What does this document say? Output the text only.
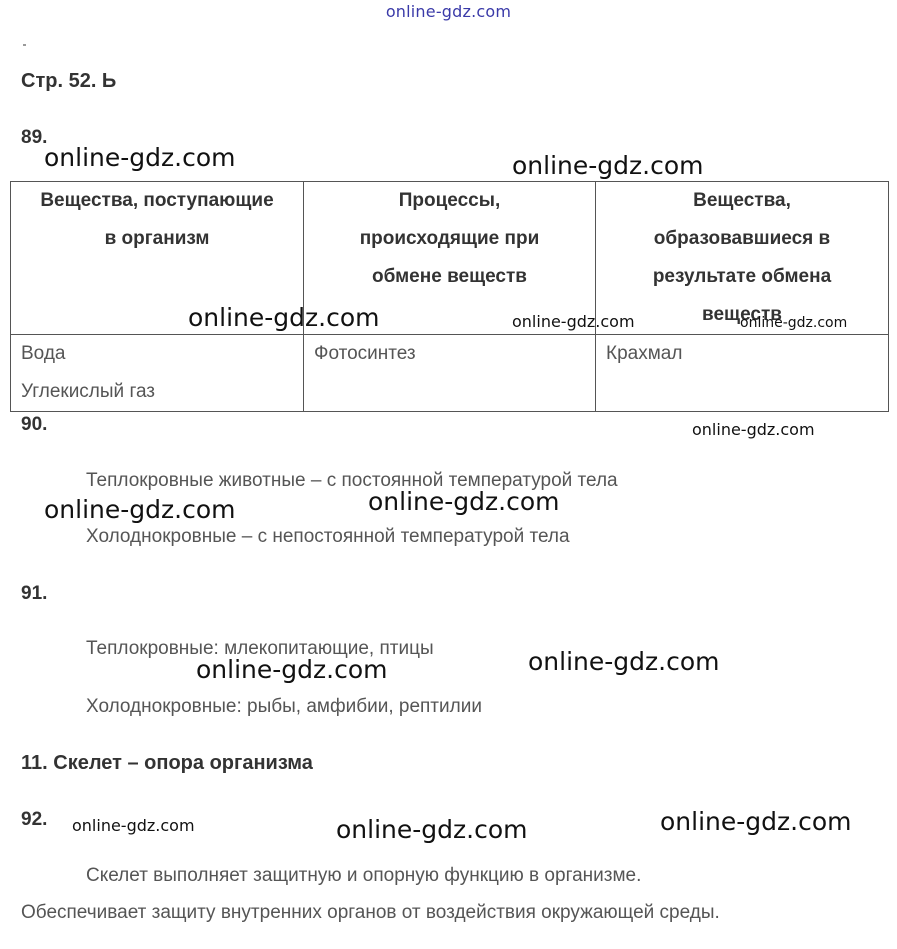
online-gdz.com
Стр. 52. Ь
89.
Вещества, поступающие
в организм	Процессы,
происходящие при
обмене веществ	Вещества,
образовавшиеся в
результате обмена
веществ

Вода
Углекислый газ	Фотосинтез	Крахмал
90.
Теплокровные животные – с постоянной температурой тела
Холоднокровные – с непостоянной температурой тела
91.
Теплокровные: млекопитающие, птицы
Холоднокровные: рыбы, амфибии, рептилии
11. Скелет – опора организма
92.
Скелет выполняет защитную и опорную функцию в организме.
Обеспечивает защиту внутренних органов от воздействия окружающей среды.
online-gdz.com	online-gdz.com
online-gdz.com	online-gdz.com	online-gdz.com
online-gdz.com
online-gdz.com	online-gdz.com
online-gdz.com	online-gdz.com
online-gdz.com	online-gdz.com	online-gdz.com
